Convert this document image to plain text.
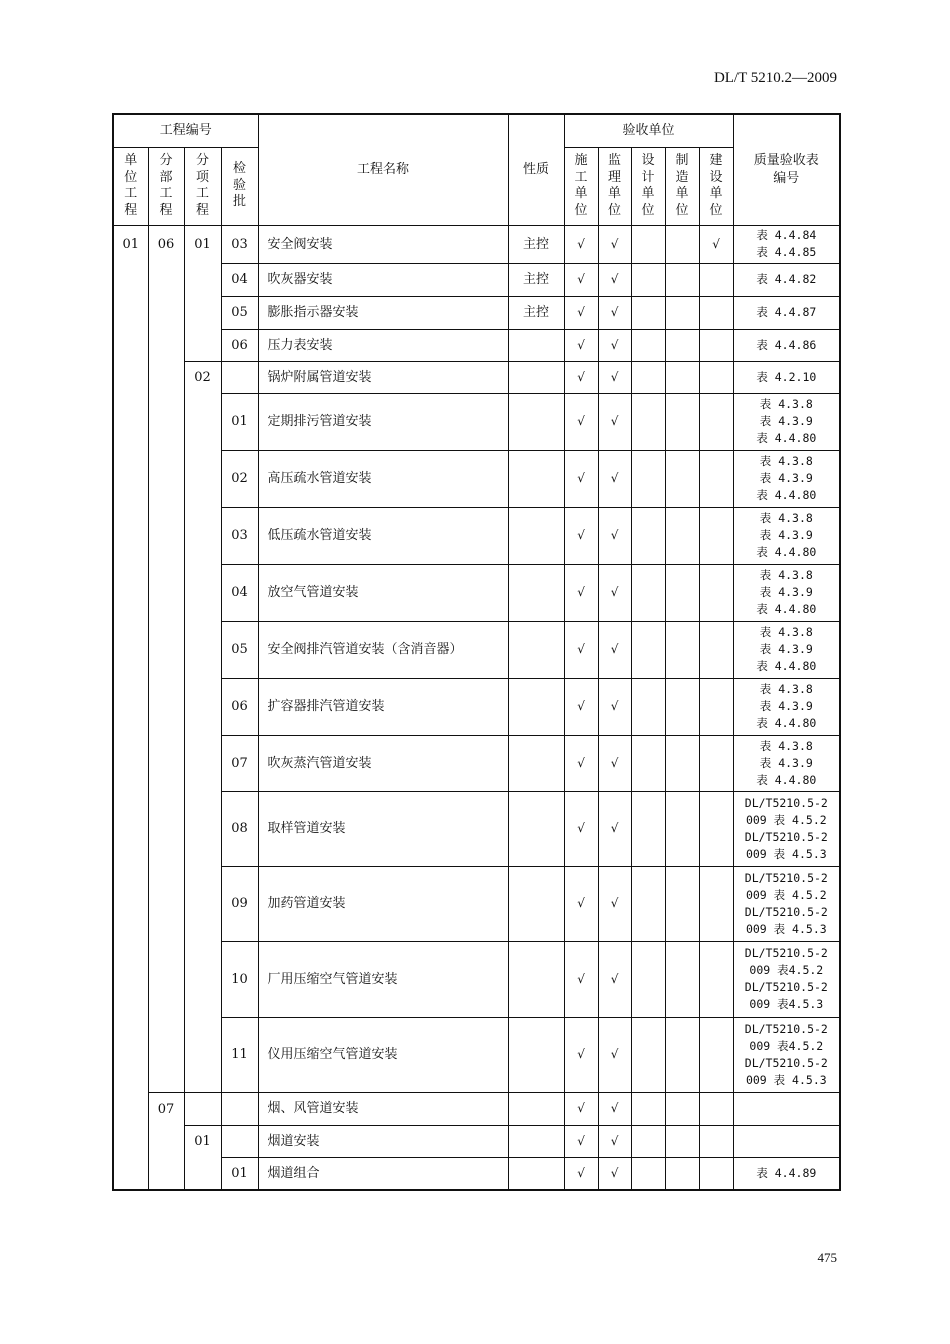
DL/T 5210.2—2009
工程编号				工程名称	性质	验收单位					质量验收表编号
单位工程	分部工程	分项工程	检验批			施工单位	监理单位	设计单位	制造单位	建设单位	
01	06	01	03	安全阀安装	主控	√	√			√	表 4.4.84
表 4.4.85

			04	吹灰器安装	主控	√	√				表 4.4.82

			05	膨胀指示器安装	主控	√	√				表 4.4.87

			06	压力表安装		√	√				表 4.4.86

		02		锅炉附属管道安装		√	√				表 4.2.10

			01	定期排污管道安装		√	√				表 4.3.8
表 4.3.9
表 4.4.80

			02	高压疏水管道安装		√	√				表 4.3.8
表 4.3.9
表 4.4.80

			03	低压疏水管道安装		√	√				表 4.3.8
表 4.3.9
表 4.4.80

			04	放空气管道安装		√	√				表 4.3.8
表 4.3.9
表 4.4.80

			05	安全阀排汽管道安装（含消音器）		√	√				表 4.3.8
表 4.3.9
表 4.4.80

			06	扩容器排汽管道安装		√	√				表 4.3.8
表 4.3.9
表 4.4.80

			07	吹灰蒸汽管道安装		√	√				表 4.3.8
表 4.3.9
表 4.4.80

			08	取样管道安装		√	√				DL/T5210.5-2
009 表 4.5.2
DL/T5210.5-2
009 表 4.5.3

			09	加药管道安装		√	√				DL/T5210.5-2
009 表 4.5.2
DL/T5210.5-2
009 表 4.5.3

			10	厂用压缩空气管道安装		√	√				DL/T5210.5-2
009 表4.5.2
DL/T5210.5-2
009 表4.5.3

			11	仪用压缩空气管道安装		√	√				DL/T5210.5-2
009 表4.5.2
DL/T5210.5-2
009 表 4.5.3

	07			烟、风管道安装		√	√				
		01		烟道安装		√	√				
			01	烟道组合		√	√				表 4.4.89
475
